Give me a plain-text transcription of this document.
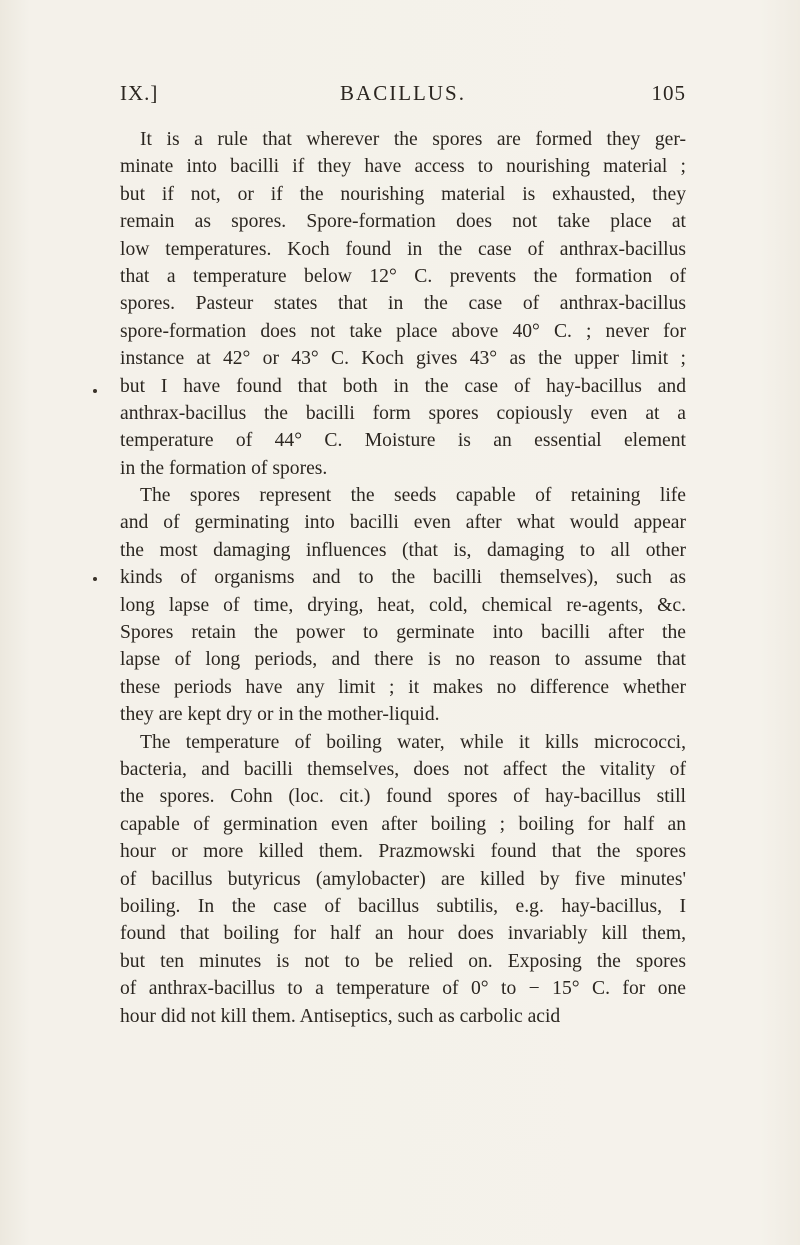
IX.]	BACILLUS.	105
It is a rule that wherever the spores are formed they ger-
minate into bacilli if they have access to nourishing material ;
but if not, or if the nourishing material is exhausted, they
remain as spores. Spore-formation does not take place at
low temperatures. Koch found in the case of anthrax-bacillus
that a temperature below 12° C. prevents the formation of
spores. Pasteur states that in the case of anthrax-bacillus
spore-formation does not take place above 40° C. ; never for
instance at 42° or 43° C. Koch gives 43° as the upper limit ;
but I have found that both in the case of hay-bacillus and
anthrax-bacillus the bacilli form spores copiously even at a
temperature of 44° C. Moisture is an essential element
in the formation of spores.
The spores represent the seeds capable of retaining life
and of germinating into bacilli even after what would appear
the most damaging influences (that is, damaging to all other
kinds of organisms and to the bacilli themselves), such as
long lapse of time, drying, heat, cold, chemical re-agents, &c.
Spores retain the power to germinate into bacilli after the
lapse of long periods, and there is no reason to assume that
these periods have any limit ; it makes no difference whether
they are kept dry or in the mother-liquid.
The temperature of boiling water, while it kills micrococci,
bacteria, and bacilli themselves, does not affect the vitality of
the spores. Cohn (loc. cit.) found spores of hay-bacillus still
capable of germination even after boiling ; boiling for half an
hour or more killed them. Prazmowski found that the spores
of bacillus butyricus (amylobacter) are killed by five minutes'
boiling. In the case of bacillus subtilis, e.g. hay-bacillus, I
found that boiling for half an hour does invariably kill them,
but ten minutes is not to be relied on. Exposing the spores
of anthrax-bacillus to a temperature of 0° to − 15° C. for one
hour did not kill them. Antiseptics, such as carbolic acid
